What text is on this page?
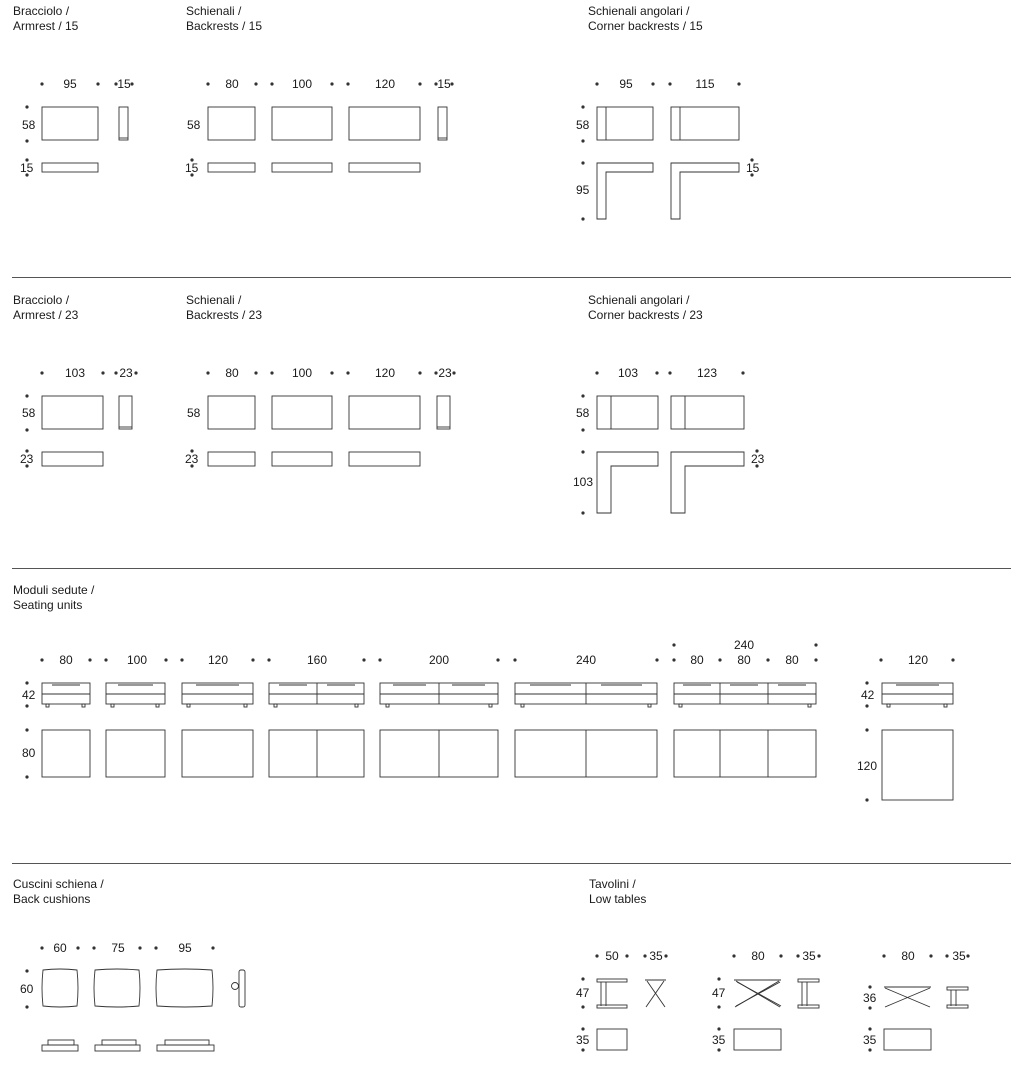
Bracciolo /
Armrest / 15
Schienali /
Backrests / 15
Schienali angolari /
Corner backrests / 15
Bracciolo /
Armrest / 23
Schienali /
Backrests / 23
Schienali angolari /
Corner backrests / 23
Moduli sedute /
Seating units
Cuscini schiena /
Back cushions
Tavolini /
Low tables
95	15
58
15
80	100	120	15
58
15
95	115
58
95
15
103	23
58
23
80	100	120	23
58
23
103	123
58
103
23
80	100	120	160	200	240
240
80	80	80	120
42
80
42
120
60	75	95
60
50	35
47
35
80	35
47
35
80	35
36
35
